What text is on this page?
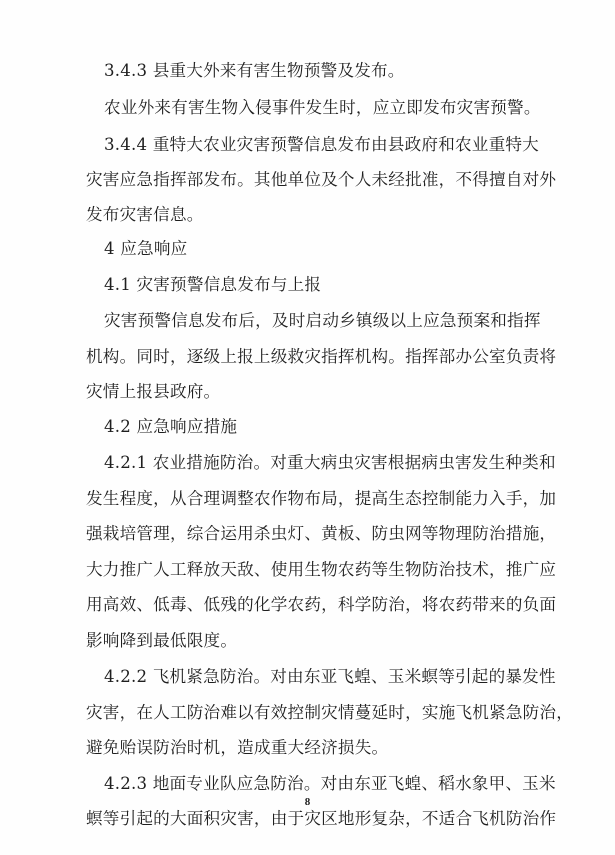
3.4.3 县重大外来有害生物预警及发布。
农业外来有害生物入侵事件发生时，应立即发布灾害预警。
3.4.4 重特大农业灾害预警信息发布由县政府和农业重特大
灾害应急指挥部发布。其他单位及个人未经批准，不得擅自对外
发布灾害信息。
4 应急响应
4.1 灾害预警信息发布与上报
灾害预警信息发布后，及时启动乡镇级以上应急预案和指挥
机构。同时，逐级上报上级救灾指挥机构。指挥部办公室负责将
灾情上报县政府。
4.2 应急响应措施
4.2.1 农业措施防治。对重大病虫灾害根据病虫害发生种类和
发生程度，从合理调整农作物布局，提高生态控制能力入手，加
强栽培管理，综合运用杀虫灯、黄板、防虫网等物理防治措施，
大力推广人工释放天敌、使用生物农药等生物防治技术，推广应
用高效、低毒、低残的化学农药，科学防治，将农药带来的负面
影响降到最低限度。
4.2.2 飞机紧急防治。对由东亚飞蝗、玉米螟等引起的暴发性
灾害，在人工防治难以有效控制灾情蔓延时，实施飞机紧急防治，
避免贻误防治时机，造成重大经济损失。
4.2.3 地面专业队应急防治。对由东亚飞蝗、稻水象甲、玉米
螟等引起的大面积灾害，由于灾区地形复杂，不适合飞机防治作
8
